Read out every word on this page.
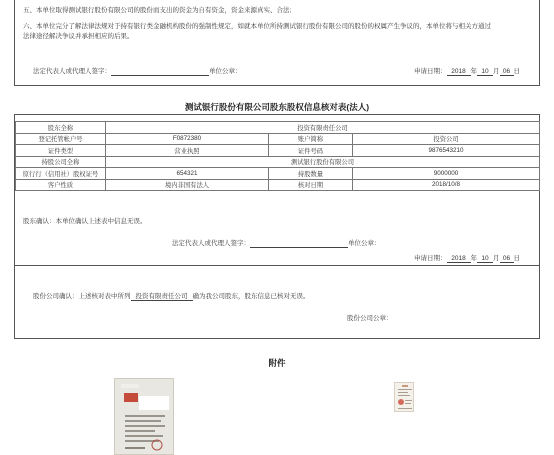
五、本单位取得测试银行股份有限公司的股份而支出的资金为自有资金，资金来源真实、合法;
六、本单位完分了解法律法规对于持有银行类金融机构股份的强制性规定，如就本单位所持测试银行股份有限公司的股份的权属产生争议的，本单位将与相关方通过
法律途径解决争议并承担相应的后果。
法定代表人或代理人签字：	单位公章：	申请日期： 2018 年 10 月 06 日
测试银行股份有限公司股东股权信息核对表(法人)
股东全称	投资有限责任公司		
登记托管帐户号	F0872380	账户简称	投资公司
证件类型	营业执照	证件号码	9876543210
持股公司全称	测试银行股份有限公司		
原行行（信用社）股权证号	654321	持股数量	9000000
客户性质	境内非国有法人	核对日期	2018/10/8
股东确认：本单位确认上述表中信息无误。
法定代表人或代理人签字：	单位公章：
申请日期： 2018 年 10 月 06 日
股份公司确认：上述核对表中所列 投资有限责任公司 确为我公司股东，股东信息已核对无误。
股份公司公章：
附件
